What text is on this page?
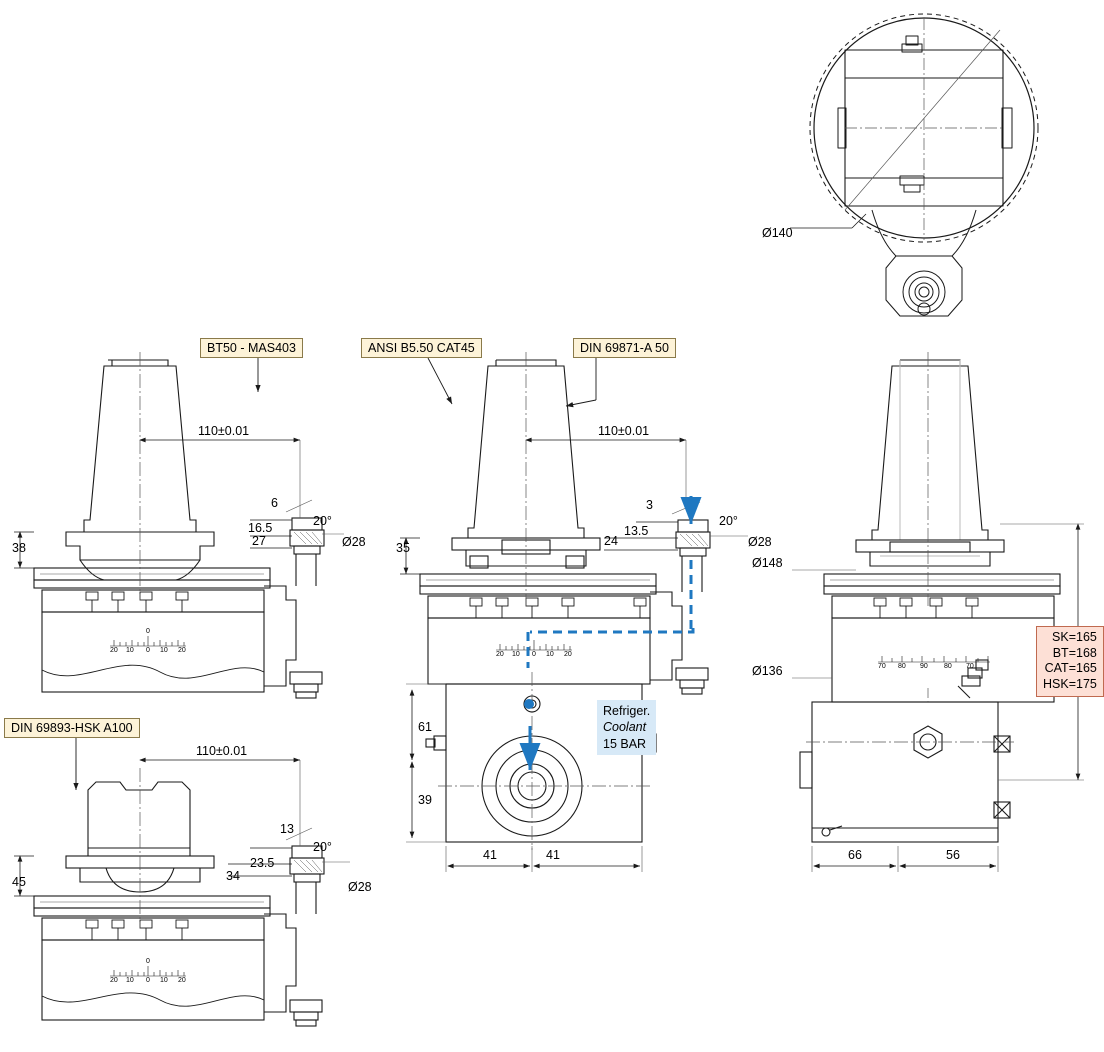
BT50 - MAS403	ANSI B5.50 CAT45	DIN 69871-A 50
DIN 69893-HSK A100
SK=165
BT=168
CAT=165
HSK=175
Refriger.
Coolant
15 BAR
Ø140
110±0.01
6
16.5
27
20°
Ø28
38
110±0.01
3
13.5
24
20°
Ø28
35
61
39
41	41
110±0.01
13
23.5
34
20°
Ø28
45
Ø148
Ø136
66	56
20 10 0 10 20
0
20 10 0 10 20
20 10 0 10 20
0
70 80 90 80 70
